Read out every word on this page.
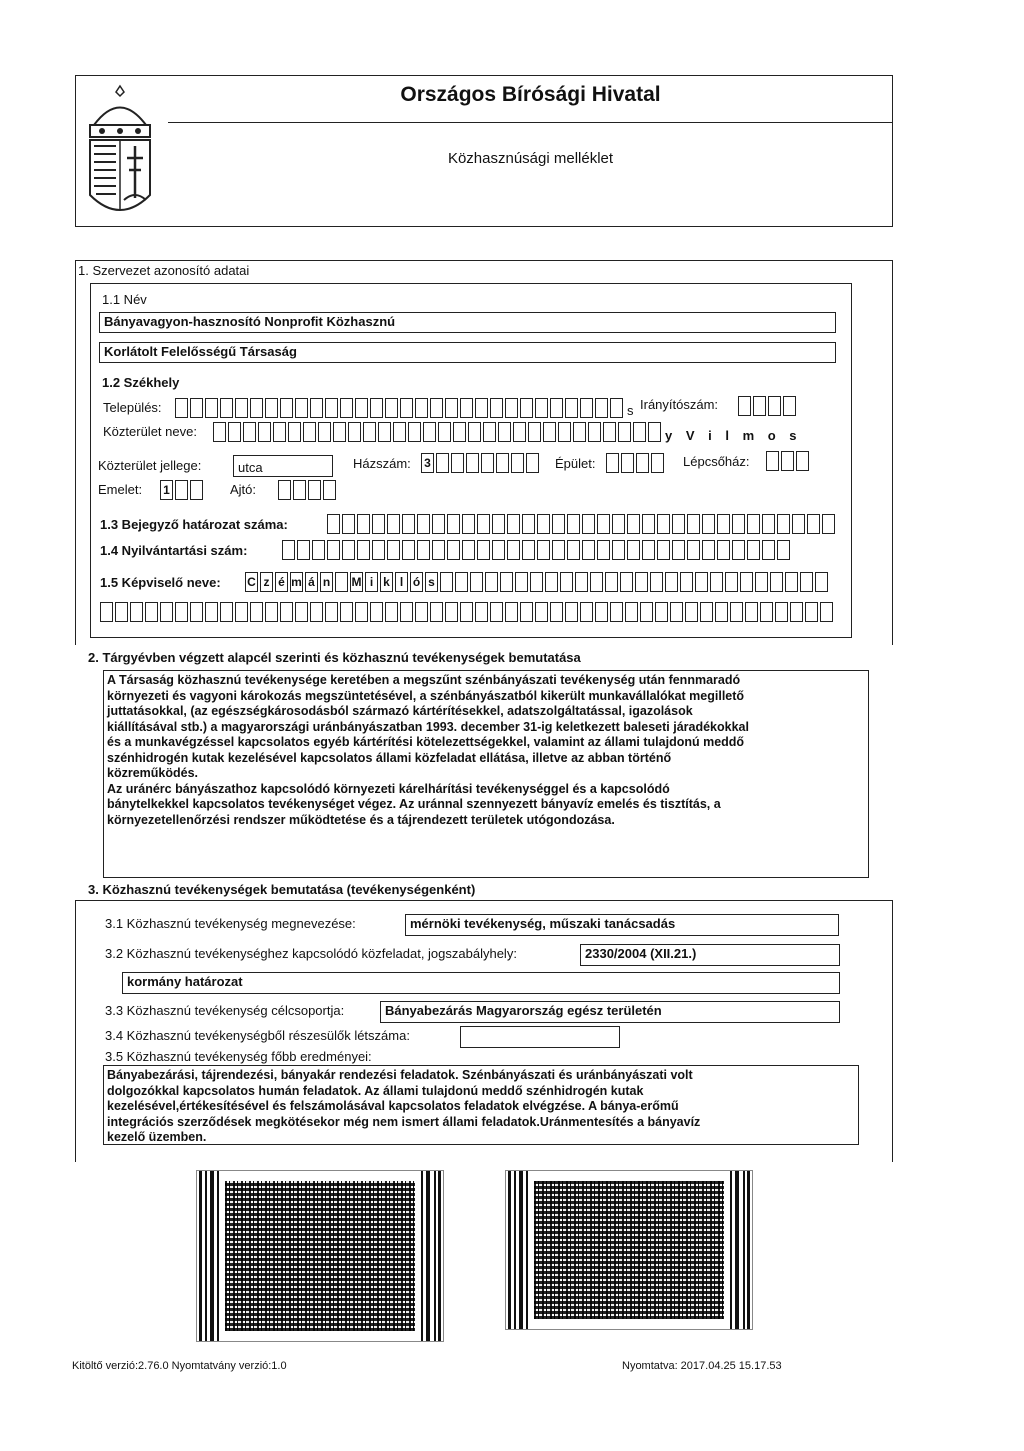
Országos Bírósági Hivatal
Közhasznúsági melléklet
1. Szervezet azonosító adatai
1.1 Név
Bányavagyon-hasznosító Nonprofit Közhasznú
Korlátolt Felelősségű Társaság
1.2 Székhely
Település:	s Irányítószám:
Közterület neve:	y V i l m o s
Közterület jellege:	utca	Házszám: 3	Épület:	Lépcsőház:
Emelet: 1	Ajtó:
1.3 Bejegyző határozat száma:
1.4 Nyilvántartási szám:
1.5 Képviselő neve: C z é m á n M i k l ó s
2. Tárgyévben végzett alapcél szerinti és közhasznú tevékenységek bemutatása
A Társaság közhasznú tevékenysége keretében a megszűnt szénbányászati tevékenység után fennmaradó
környezeti és vagyoni károkozás megszüntetésével, a szénbányászatból kikerült munkavállalókat megillető
juttatásokkal, (az egészségkárosodásból származó kártérítésekkel, adatszolgáltatással, igazolások
kiállításával stb.) a magyarországi uránbányászatban 1993. december 31-ig keletkezett baleseti járadékokkal
és a munkavégzéssel kapcsolatos egyéb kártérítési kötelezettségekkel, valamint az állami tulajdonú meddő
szénhidrogén kutak kezelésével kapcsolatos állami közfeladat ellátása, illetve az abban történő
közreműködés.
Az uránérc bányászathoz kapcsolódó környezeti kárelhárítási tevékenységgel és a kapcsolódó
bánytelkekkel kapcsolatos tevékenységet végez. Az uránnal szennyezett bányavíz emelés és tisztítás, a
környezetellenőrzési rendszer működtetése és a tájrendezett területek utógondozása.
3. Közhasznú tevékenységek bemutatása (tevékenységenként)
3.1 Közhasznú tevékenység megnevezése:	mérnöki tevékenység, műszaki tanácsadás
3.2 Közhasznú tevékenységhez kapcsolódó közfeladat, jogszabályhely:	2330/2004 (XII.21.)
kormány határozat
3.3 Közhasznú tevékenység célcsoportja:	Bányabezárás Magyarország egész területén
3.4 Közhasznú tevékenységből részesülők létszáma:
3.5 Közhasznú tevékenység főbb eredményei:
Bányabezárási, tájrendezési, bányakár rendezési feladatok. Szénbányászati és uránbányászati volt
dolgozókkal kapcsolatos humán feladatok. Az állami tulajdonú meddő szénhidrogén kutak
kezelésével,értékesítésével és felszámolásával kapcsolatos feladatok elvégzése. A bánya-erőmű
integrációs szerződések megkötésekor még nem ismert állami feladatok.Uránmentesítés a bányavíz
kezelő üzemben.
Kitöltő verzió:2.76.0 Nyomtatvány verzió:1.0	Nyomtatva: 2017.04.25 15.17.53
